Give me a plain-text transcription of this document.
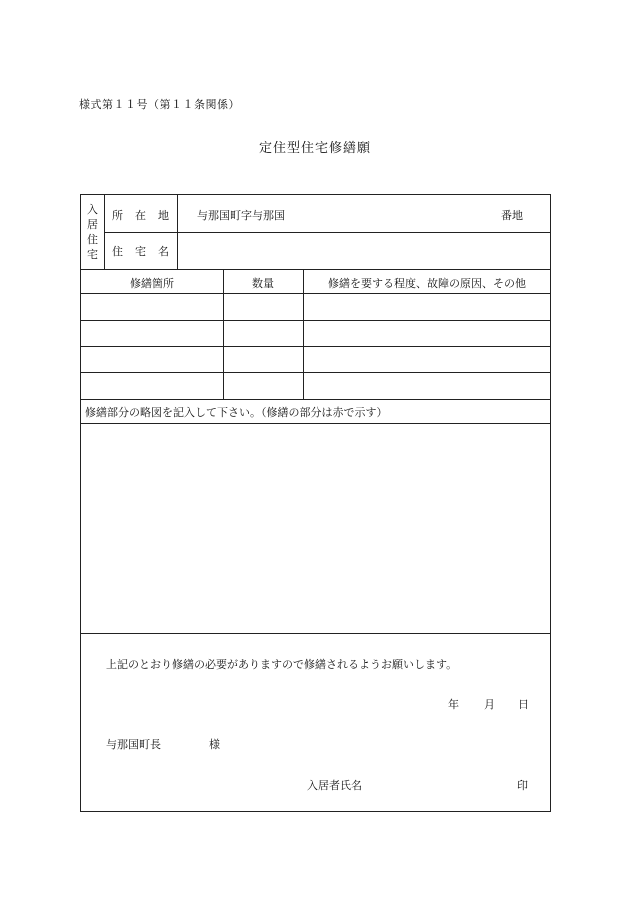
様式第１１号（第１１条関係）
定住型住宅修繕願
入
居
住
宅
所在地 与那国町字与那国	番地
住宅名
修繕箇所	数量	修繕を要する程度、故障の原因、その他
修繕部分の略図を記入して下さい。（修繕の部分は赤で示す）
上記のとおり修繕の必要がありますので修繕されるようお願いします。
年 月 日
与那国町長	様
入居者氏名	印
